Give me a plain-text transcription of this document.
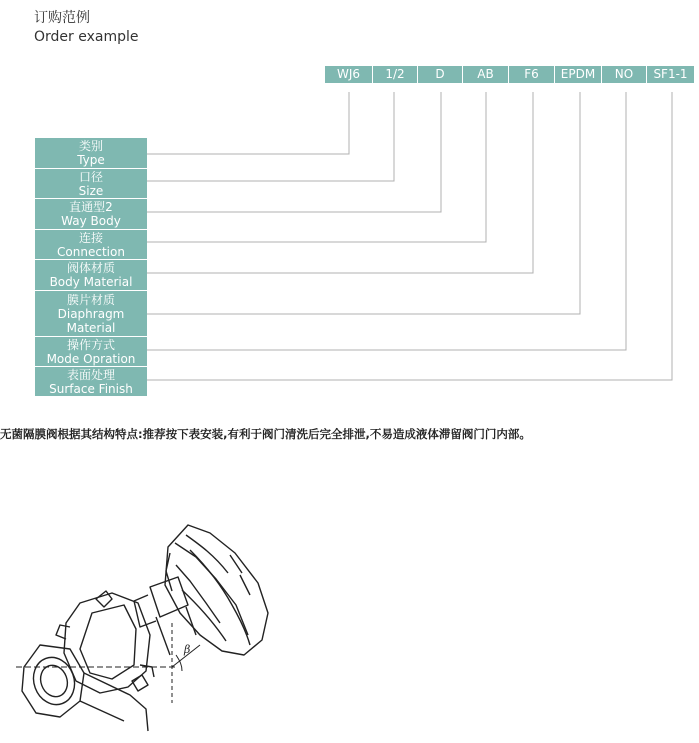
订购范例
Order example
WJ6	1/2	D	AB	F6	EPDM	NO	SF1-1
类别
Type
口径
Size
直通型2
Way Body
连接
Connection
阀体材质
Body Material
膜片材质
Diaphragm
Material
操作方式
Mode Opration
表面处理
Surface Finish
无菌隔膜阀根据其结构特点:推荐按下表安装,有利于阀门清洗后完全排泄,不易造成液体滞留阀门门内部。
β
